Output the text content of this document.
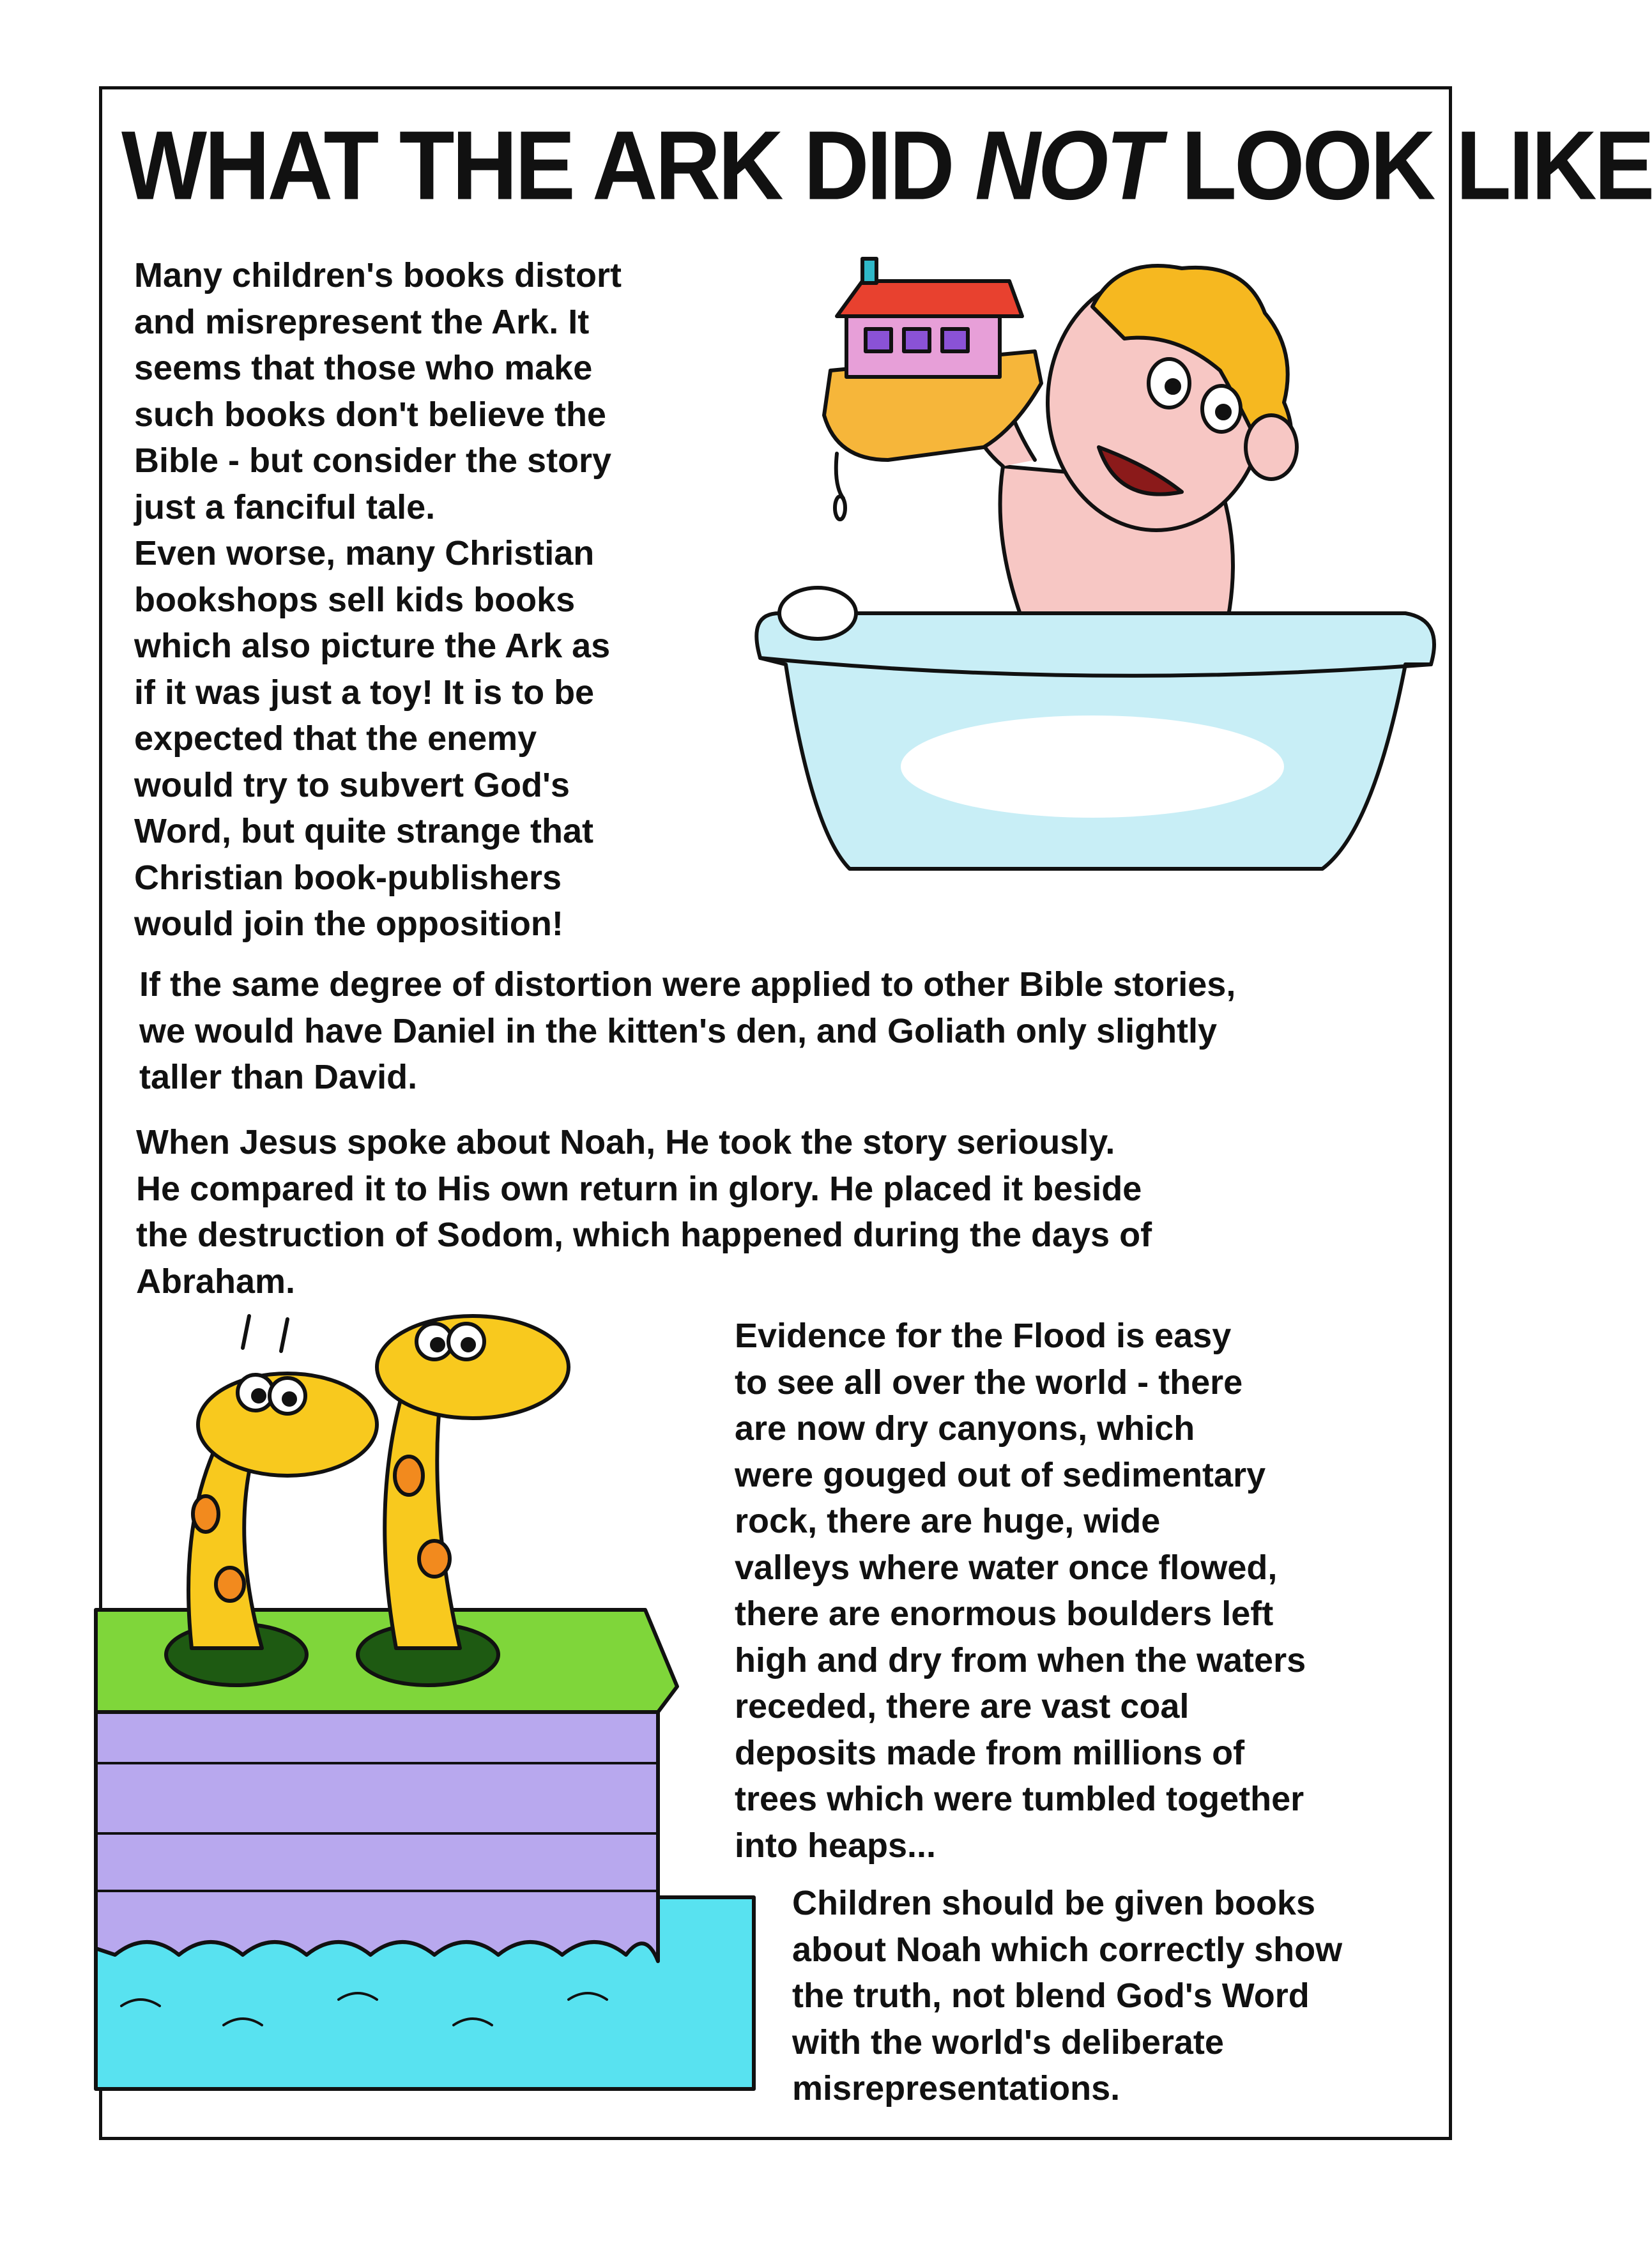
WHAT THE ARK DID NOT LOOK LIKE
Many children's books distort
and misrepresent the Ark. It
seems that those who make
such books don't believe the
Bible - but consider the story
just a fanciful tale.
Even worse, many Christian
bookshops sell kids books
which also picture the Ark as
if it was just a toy! It is to be
expected that the enemy
would try to subvert God's
Word, but quite strange that
Christian book-publishers
would join the opposition!
If the same degree of distortion were applied to other Bible stories,
we would have Daniel in the kitten's den, and Goliath only slightly
taller than David.
When Jesus spoke about Noah, He took the story seriously.
He compared it to His own return in glory. He placed it beside
the destruction of Sodom, which happened during the days of
Abraham.
Evidence for the Flood is easy
to see all over the world - there
are now dry canyons, which
were gouged out of sedimentary
rock, there are huge, wide
valleys where water once flowed,
there are enormous boulders left
high and dry from when the waters
receded, there are vast coal
deposits made from millions of
trees which were tumbled together
into heaps...
Children should be given books
about Noah which correctly show
the truth, not blend God's Word
with the world's deliberate
misrepresentations.
